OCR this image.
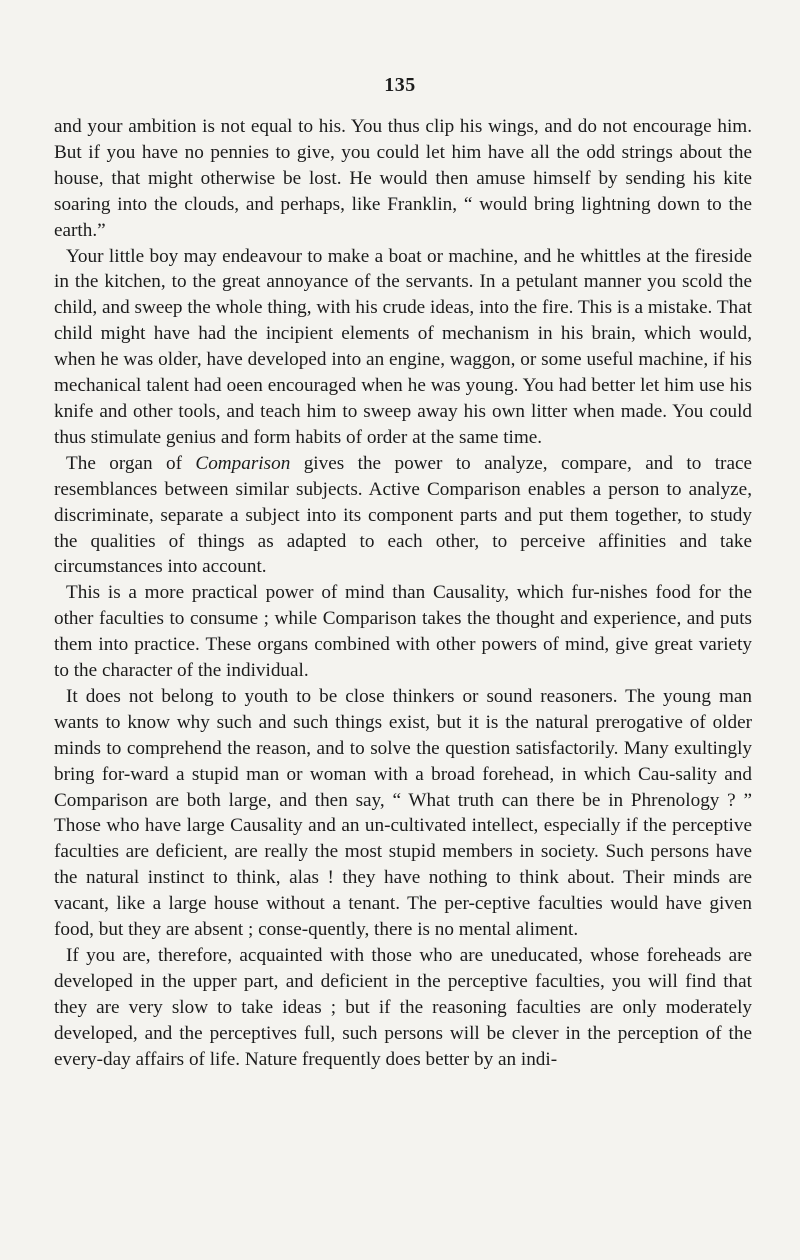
135

and your ambition is not equal to his. You thus clip his wings, and do not encourage him. But if you have no pennies to give, you could let him have all the odd strings about the house, that might otherwise be lost. He would then amuse himself by sending his kite soaring into the clouds, and perhaps, like Franklin, “ would bring lightning down to the earth.”

Your little boy may endeavour to make a boat or machine, and he whittles at the fireside in the kitchen, to the great annoyance of the servants. In a petulant manner you scold the child, and sweep the whole thing, with his crude ideas, into the fire. This is a mistake. That child might have had the incipient elements of mechanism in his brain, which would, when he was older, have developed into an engine, waggon, or some useful machine, if his mechanical talent had oeen encouraged when he was young. You had better let him use his knife and other tools, and teach him to sweep away his own litter when made. You could thus stimulate genius and form habits of order at the same time.

The organ of Comparison gives the power to analyze, compare, and to trace resemblances between similar subjects. Active Comparison enables a person to analyze, discriminate, separate a subject into its component parts and put them together, to study the qualities of things as adapted to each other, to perceive affinities and take circumstances into account.

This is a more practical power of mind than Causality, which fur-nishes food for the other faculties to consume ; while Comparison takes the thought and experience, and puts them into practice. These organs combined with other powers of mind, give great variety to the character of the individual.

It does not belong to youth to be close thinkers or sound reasoners. The young man wants to know why such and such things exist, but it is the natural prerogative of older minds to comprehend the reason, and to solve the question satisfactorily. Many exultingly bring for-ward a stupid man or woman with a broad forehead, in which Cau-sality and Comparison are both large, and then say, “ What truth can there be in Phrenology ? ” Those who have large Causality and an un-cultivated intellect, especially if the perceptive faculties are deficient, are really the most stupid members in society. Such persons have the natural instinct to think, alas ! they have nothing to think about. Their minds are vacant, like a large house without a tenant. The per-ceptive faculties would have given food, but they are absent ; conse-quently, there is no mental aliment.

If you are, therefore, acquainted with those who are uneducated, whose foreheads are developed in the upper part, and deficient in the perceptive faculties, you will find that they are very slow to take ideas ; but if the reasoning faculties are only moderately developed, and the perceptives full, such persons will be clever in the perception of the every-day affairs of life. Nature frequently does better by an indi-
